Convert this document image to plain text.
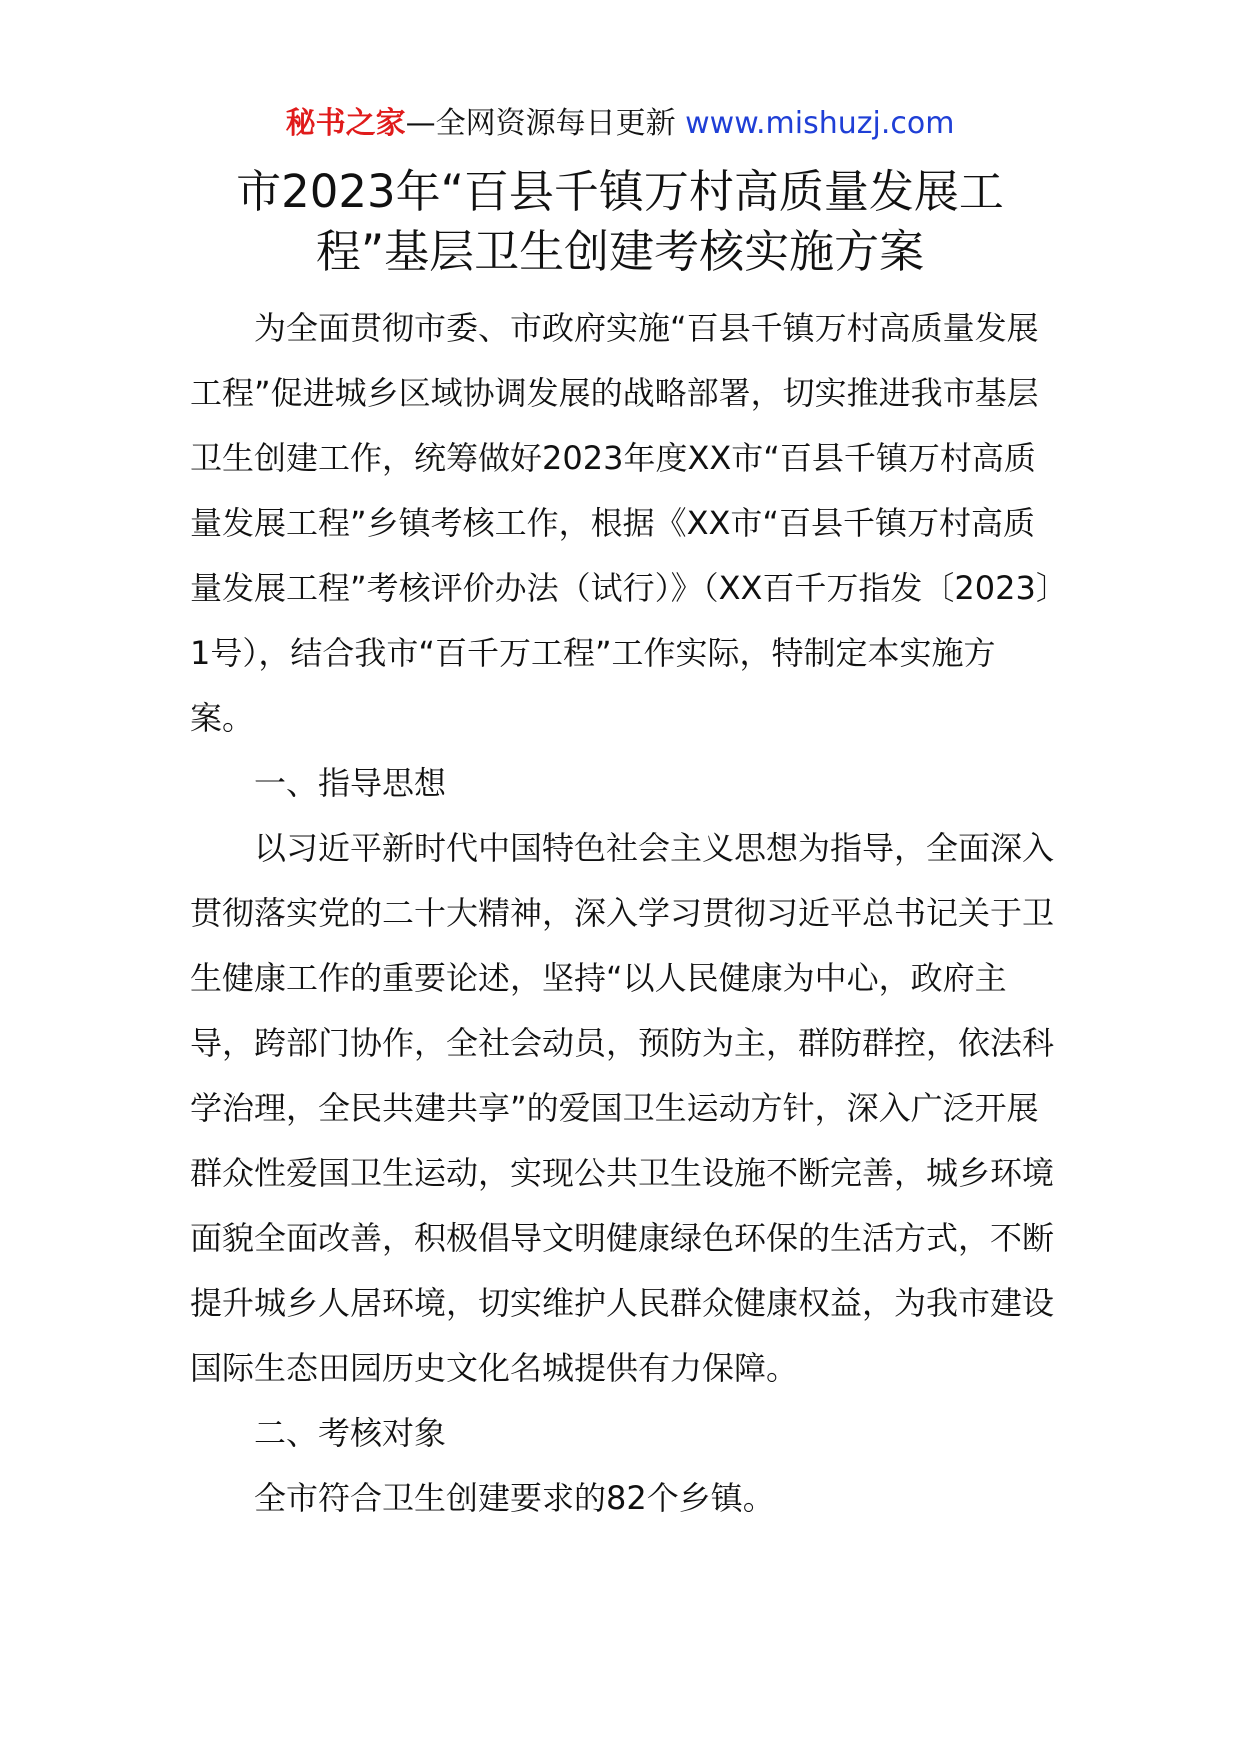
秘书之家—全网资源每日更新 www.mishuzj.com
市2023年“百县千镇万村高质量发展工程”基层卫生创建考核实施方案

为全面贯彻市委、市政府实施“百县千镇万村高质量发展工程”促进城乡区域协调发展的战略部署，切实推进我市基层卫生创建工作，统筹做好2023年度XX市“百县千镇万村高质量发展工程”乡镇考核工作，根据《XX市“百县千镇万村高质量发展工程”考核评价办法（试行）》（XX百千万指发〔2023〕1号），结合我市“百千万工程”工作实际，特制定本实施方案。

一、指导思想

以习近平新时代中国特色社会主义思想为指导，全面深入贯彻落实党的二十大精神，深入学习贯彻习近平总书记关于卫生健康工作的重要论述，坚持“以人民健康为中心，政府主导，跨部门协作，全社会动员，预防为主，群防群控，依法科学治理，全民共建共享”的爱国卫生运动方针，深入广泛开展群众性爱国卫生运动，实现公共卫生设施不断完善，城乡环境面貌全面改善，积极倡导文明健康绿色环保的生活方式，不断提升城乡人居环境，切实维护人民群众健康权益，为我市建设国际生态田园历史文化名城提供有力保障。

二、考核对象

全市符合卫生创建要求的82个乡镇。
